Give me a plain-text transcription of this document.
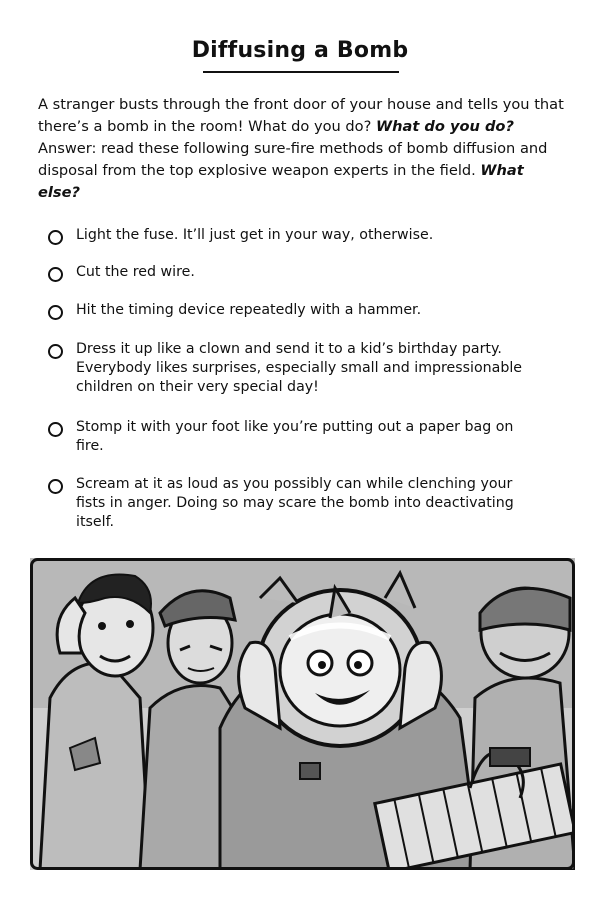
Diffusing a Bomb

A stranger busts through the front door of your house and tells you that there’s a bomb in the room! What do you do? What do you do? Answer: read these following sure-fire methods of bomb diffusion and disposal from the top explosive weapon experts in the field. What else?

Light the fuse. It’ll just get in your way, otherwise.
Cut the red wire.
Hit the timing device repeatedly with a hammer.
Dress it up like a clown and send it to a kid’s birthday party. Everybody likes surprises, especially small and impressionable children on their very special day!
Stomp it with your foot like you’re putting out a paper bag on fire.
Scream at it as loud as you possibly can while clenching your fists in anger. Doing so may scare the bomb into deactivating itself.
